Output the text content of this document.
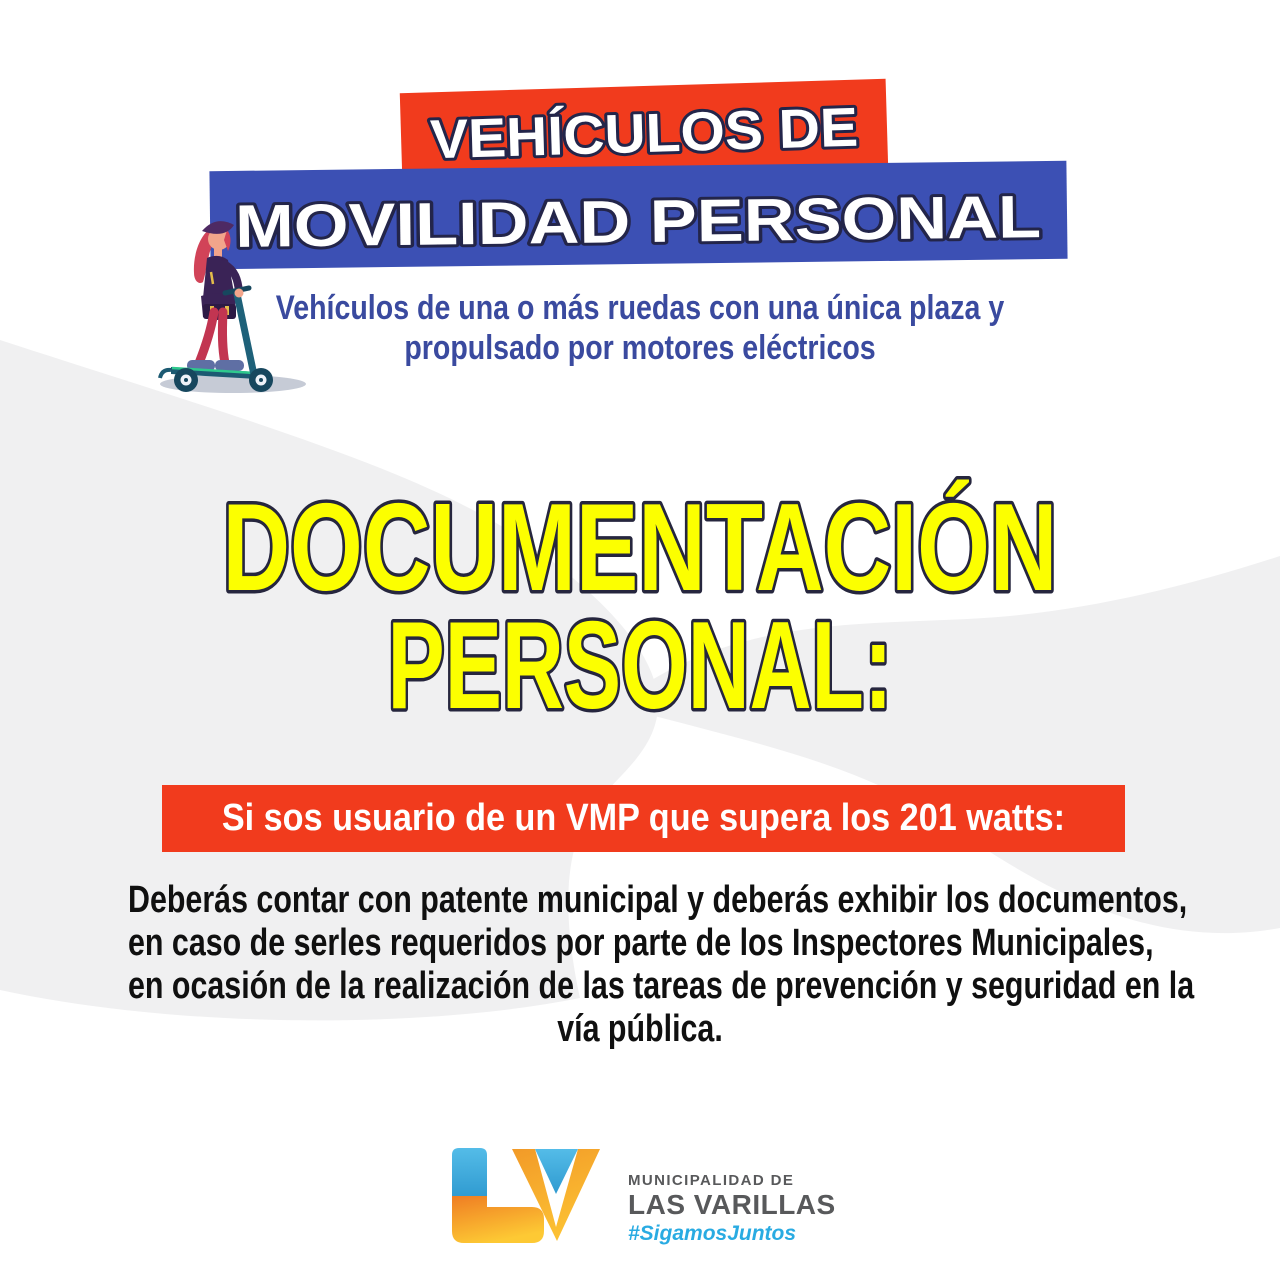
VEHÍCULOS DE
MOVILIDAD PERSONAL
Vehículos de una o más ruedas con una única plaza y
propulsado por motores eléctricos
DOCUMENTACIÓN
PERSONAL:
Si sos usuario de un VMP que supera los 201 watts:
Deberás contar con patente municipal y deberás exhibir los documentos,
en caso de serles requeridos por parte de los Inspectores Municipales,
en ocasión de la realización de las tareas de prevención y seguridad en la
vía pública.
MUNICIPALIDAD DE
LAS VARILLAS
#SigamosJuntos
